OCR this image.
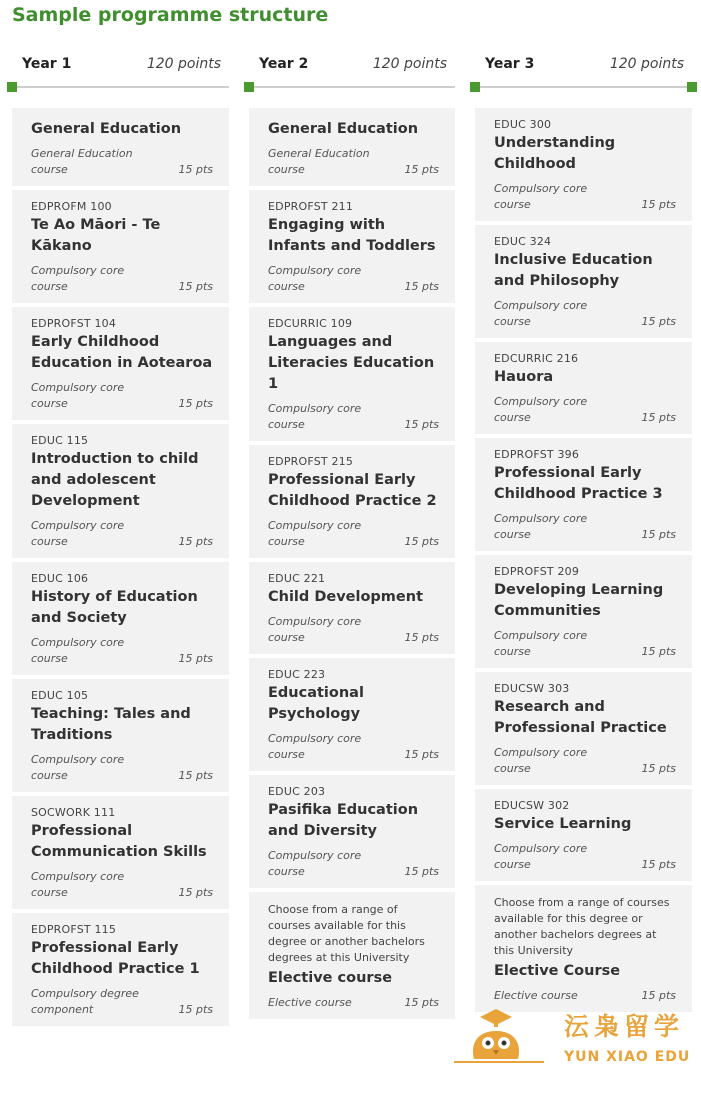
Sample programme structure
Year 1	120 points
General Education
General Education course	15 pts
EDPROFM 100
Te Ao Māori - Te Kākano
Compulsory core course	15 pts
EDPROFST 104
Early Childhood Education in Aotearoa
Compulsory core course	15 pts
EDUC 115
Introduction to child and adolescent Development
Compulsory core course	15 pts
EDUC 106
History of Education and Society
Compulsory core course	15 pts
EDUC 105
Teaching: Tales and Traditions
Compulsory core course	15 pts
SOCWORK 111
Professional Communication Skills
Compulsory core course	15 pts
EDPROFST 115
Professional Early Childhood Practice 1
Compulsory degree component	15 pts
Year 2	120 points
General Education
General Education course	15 pts
EDPROFST 211
Engaging with Infants and Toddlers
Compulsory core course	15 pts
EDCURRIC 109
Languages and Literacies Education 1
Compulsory core course	15 pts
EDPROFST 215
Professional Early Childhood Practice 2
Compulsory core course	15 pts
EDUC 221
Child Development
Compulsory core course	15 pts
EDUC 223
Educational Psychology
Compulsory core course	15 pts
EDUC 203
Pasifika Education and Diversity
Compulsory core course	15 pts
Choose from a range of courses available for this degree or another bachelors degrees at this University
Elective course
Elective course	15 pts
Year 3	120 points
EDUC 300
Understanding Childhood
Compulsory core course	15 pts
EDUC 324
Inclusive Education and Philosophy
Compulsory core course	15 pts
EDCURRIC 216
Hauora
Compulsory core course	15 pts
EDPROFST 396
Professional Early Childhood Practice 3
Compulsory core course	15 pts
EDPROFST 209
Developing Learning Communities
Compulsory core course	15 pts
EDUCSW 303
Research and Professional Practice
Compulsory core course	15 pts
EDUCSW 302
Service Learning
Compulsory core course	15 pts
Choose from a range of courses available for this degree or another bachelors degrees at this University
Elective Course
Elective course	15 pts
沄枭留学
YUN XIAO EDU
